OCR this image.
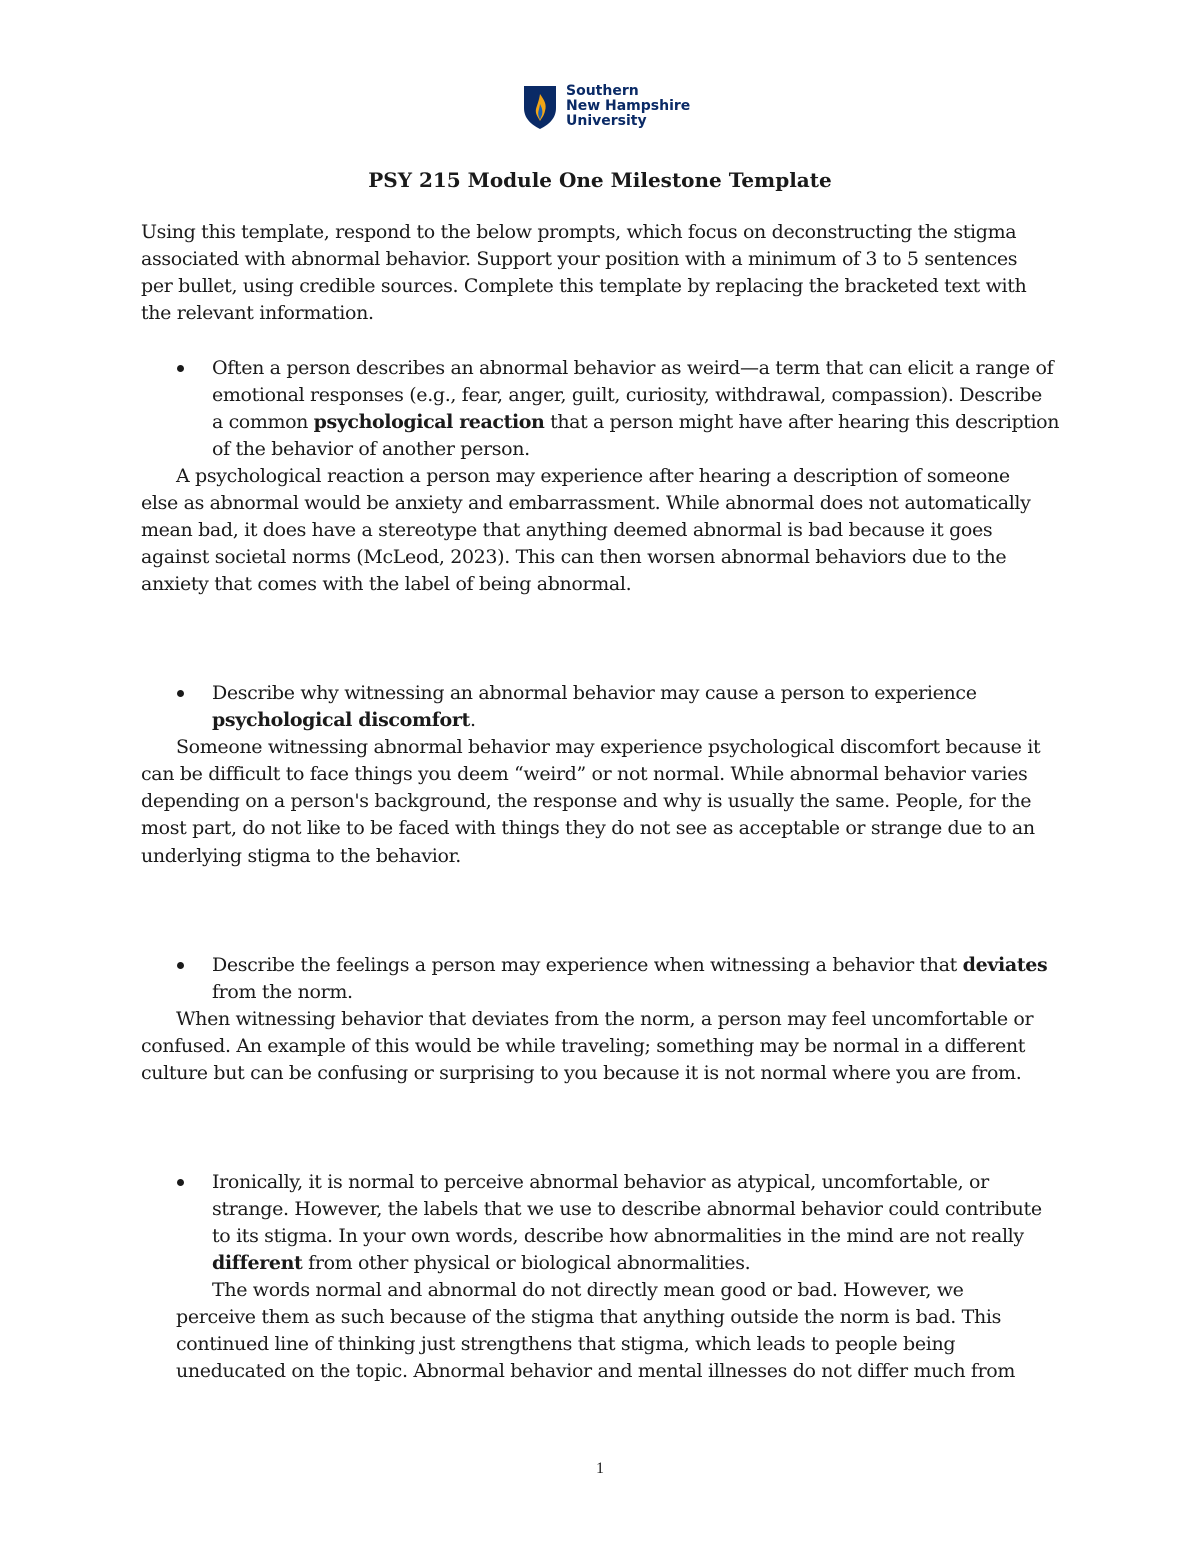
Southern
New Hampshire
University
PSY 215 Module One Milestone Template
Using this template, respond to the below prompts, which focus on deconstructing the stigma
associated with abnormal behavior. Support your position with a minimum of 3 to 5 sentences
per bullet, using credible sources. Complete this template by replacing the bracketed text with
the relevant information.
Often a person describes an abnormal behavior as weird—a term that can elicit a range of
emotional responses (e.g., fear, anger, guilt, curiosity, withdrawal, compassion). Describe
a common psychological reaction that a person might have after hearing this description
of the behavior of another person.
A psychological reaction a person may experience after hearing a description of someone
else as abnormal would be anxiety and embarrassment. While abnormal does not automatically
mean bad, it does have a stereotype that anything deemed abnormal is bad because it goes
against societal norms (McLeod, 2023). This can then worsen abnormal behaviors due to the
anxiety that comes with the label of being abnormal.
Describe why witnessing an abnormal behavior may cause a person to experience
psychological discomfort.
Someone witnessing abnormal behavior may experience psychological discomfort because it
can be difficult to face things you deem “weird” or not normal. While abnormal behavior varies
depending on a person's background, the response and why is usually the same. People, for the
most part, do not like to be faced with things they do not see as acceptable or strange due to an
underlying stigma to the behavior.
Describe the feelings a person may experience when witnessing a behavior that deviates
from the norm.
When witnessing behavior that deviates from the norm, a person may feel uncomfortable or
confused. An example of this would be while traveling; something may be normal in a different
culture but can be confusing or surprising to you because it is not normal where you are from.
Ironically, it is normal to perceive abnormal behavior as atypical, uncomfortable, or
strange. However, the labels that we use to describe abnormal behavior could contribute
to its stigma. In your own words, describe how abnormalities in the mind are not really
different from other physical or biological abnormalities.
The words normal and abnormal do not directly mean good or bad. However, we
perceive them as such because of the stigma that anything outside the norm is bad. This
continued line of thinking just strengthens that stigma, which leads to people being
uneducated on the topic. Abnormal behavior and mental illnesses do not differ much from
1
